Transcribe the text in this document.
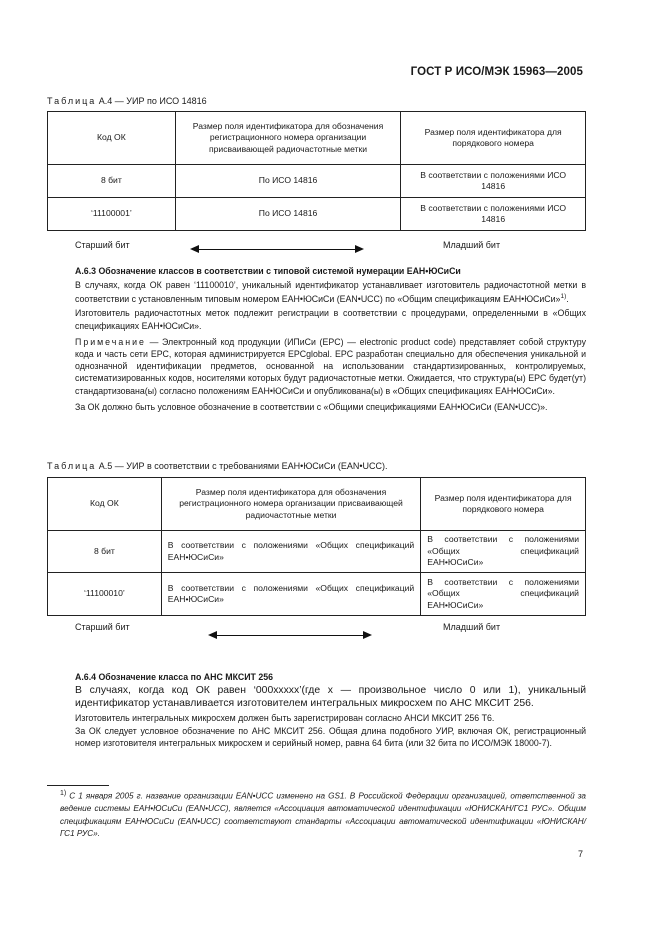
ГОСТ Р ИСО/МЭК 15963—2005
Таблица А.4 — УИР по ИСО 14816
Код ОК	Размер поля идентификатора для обозначения регистрационного номера организации присваивающей радиочастотные метки	Размер поля идентификатора для порядкового номера
8 бит	По ИСО 14816	В соответствии с положениями ИСО 14816
‘11100001’	По ИСО 14816	В соответствии с положениями ИСО 14816
Старший бит	Младший бит
А.6.3 Обозначение классов в соответствии с типовой системой нумерации ЕАН•ЮСиСи

В случаях, когда ОК равен ‘11100010’, уникальный идентификатор устанавливает изготовитель радиочастотной метки в соответствии с установленным типовым номером ЕАН•ЮСиСи (EAN•UCC) по «Общим спецификациям ЕАН•ЮСиСи»$^{1)}$.

Изготовитель радиочастотных меток подлежит регистрации в соответствии с процедурами, определенными в «Общих спецификациях ЕАН•ЮСиСи».

Примечание — Электронный код продукции (ИПиСи (EPC) — electronic product code) представляет собой структуру кода и часть сети EPC, которая администрируется EPCglobal. EPC разработан специально для обеспечения уникальной и однозначной идентификации предметов, основанной на использовании стандартизированных, контролируемых, систематизированных кодов, носителями которых будут радиочастотные метки. Ожидается, что структура(ы) EPC будет(ут) стандартизована(ы) согласно положениям ЕАН•ЮСиСи и опубликована(ы) в «Общих спецификациях ЕАН•ЮСиСи».

За ОК должно быть условное обозначение в соответствии с «Общими спецификациями ЕАН•ЮСиСи (EAN•UCC)».

Таблица А.5 — УИР в соответствии с требованиями ЕАН•ЮСиСи (EAN•UCC).
Код ОК	Размер поля идентификатора для обозначения регистрационного номера организации присваивающей радиочастотные метки	Размер поля идентификатора для порядкового номера
8 бит	В соответствии с положениями «Общих спецификаций ЕАН•ЮСиСи»	В соответствии с положениями «Общих спецификаций ЕАН•ЮСиСи»
‘11100010’	В соответствии с положениями «Общих спецификаций ЕАН•ЮСиСи»	В соответствии с положениями «Общих спецификаций ЕАН•ЮСиСи»
Старший бит	Младший бит
А.6.4 Обозначение класса по АНС МКСИТ 256

В случаях, когда код ОК равен ‘000xxxxx’(где x — произвольное число 0 или 1), уникальный идентификатор устанавливается изготовителем интегральных микросхем по АНС МКСИТ 256.

Изготовитель интегральных микросхем должен быть зарегистрирован согласно АНСИ МКСИТ 256 Т6.

За ОК следует условное обозначение по АНС МКСИТ 256. Общая длина подобного УИР, включая ОК, регистрационный номер изготовителя интегральных микросхем и серийный номер, равна 64 бита (или 32 бита по ИСО/МЭК 18000-7).

$^{1)}$ С 1 января 2005 г. название организации EAN•UCC изменено на GS1. В Российской Федерации организацией, ответственной за ведение системы ЕАН•ЮСиСи (EAN•UCC), является «Ассоциация автоматической идентификации «ЮНИСКАН/ГС1 РУС». Общим спецификациям ЕАН•ЮСиСи (EAN•UCC) соответствуют стандарты «Ассоциации автоматической идентификации «ЮНИСКАН/ГС1 РУС».

7
